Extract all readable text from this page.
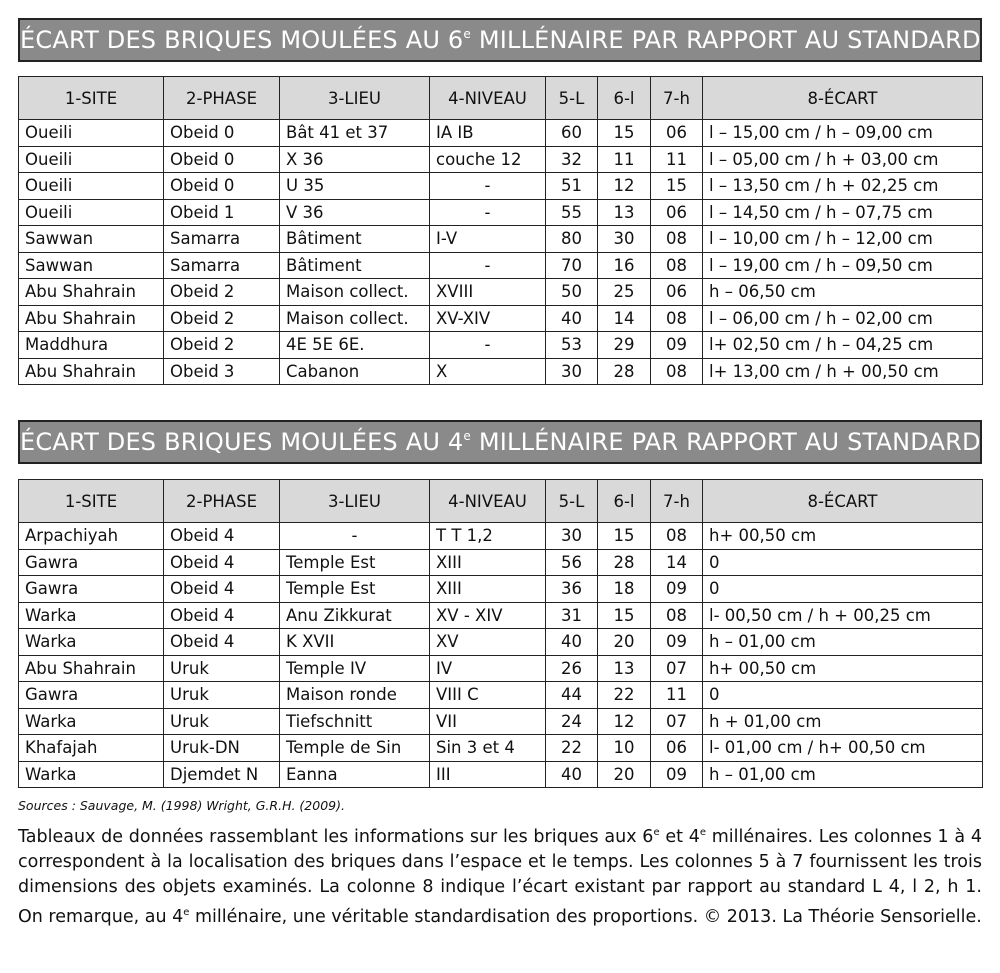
ÉCART DES BRIQUES MOULÉES AU 6e MILLÉNAIRE PAR RAPPORT AU STANDARD
1-SITE	2-PHASE	3-LIEU	4-NIVEAU	5-L	6-l	7-h	8-ÉCART
Oueili	Obeid 0	Bât 41 et 37	IA IB	60	15	06	l – 15,00 cm / h – 09,00 cm
Oueili	Obeid 0	X 36	couche 12	32	11	11	l – 05,00 cm / h + 03,00 cm
Oueili	Obeid 0	U 35	-	51	12	15	l – 13,50 cm / h + 02,25 cm
Oueili	Obeid 1	V 36	-	55	13	06	l – 14,50 cm / h – 07,75 cm
Sawwan	Samarra	Bâtiment	I-V	80	30	08	l – 10,00 cm / h – 12,00 cm
Sawwan	Samarra	Bâtiment	-	70	16	08	l – 19,00 cm / h – 09,50 cm
Abu Shahrain	Obeid 2	Maison collect.	XVIII	50	25	06	h – 06,50 cm
Abu Shahrain	Obeid 2	Maison collect.	XV-XIV	40	14	08	l – 06,00 cm / h – 02,00 cm
Maddhura	Obeid 2	4E 5E 6E.	-	53	29	09	l+ 02,50 cm / h – 04,25 cm
Abu Shahrain	Obeid 3	Cabanon	X	30	28	08	l+ 13,00 cm / h + 00,50 cm
ÉCART DES BRIQUES MOULÉES AU 4e MILLÉNAIRE PAR RAPPORT AU STANDARD
1-SITE	2-PHASE	3-LIEU	4-NIVEAU	5-L	6-l	7-h	8-ÉCART
Arpachiyah	Obeid 4	-	T T 1,2	30	15	08	h+ 00,50 cm
Gawra	Obeid 4	Temple Est	XIII	56	28	14	0
Gawra	Obeid 4	Temple Est	XIII	36	18	09	0
Warka	Obeid 4	Anu Zikkurat	XV - XIV	31	15	08	l- 00,50 cm / h + 00,25 cm
Warka	Obeid 4	K XVII	XV	40	20	09	h – 01,00 cm
Abu Shahrain	Uruk	Temple IV	IV	26	13	07	h+ 00,50 cm
Gawra	Uruk	Maison ronde	VIII C	44	22	11	0
Warka	Uruk	Tiefschnitt	VII	24	12	07	h + 01,00 cm
Khafajah	Uruk-DN	Temple de Sin	Sin 3 et 4	22	10	06	l- 01,00 cm / h+ 00,50 cm
Warka	Djemdet N	Eanna	III	40	20	09	h – 01,00 cm
Sources : Sauvage, M. (1998) Wright, G.R.H. (2009).
Tableaux de données rassemblant les informations sur les briques aux 6e et 4e millénaires. Les colonnes 1 à 4 correspondent à la localisation des briques dans l’espace et le temps. Les colonnes 5 à 7 fournissent les trois dimensions des objets examinés. La colonne 8 indique l’écart existant par rapport au standard L 4, l 2, h 1. On remarque, au 4e millénaire, une véritable standardisation des proportions. © 2013. La Théorie Sensorielle.
